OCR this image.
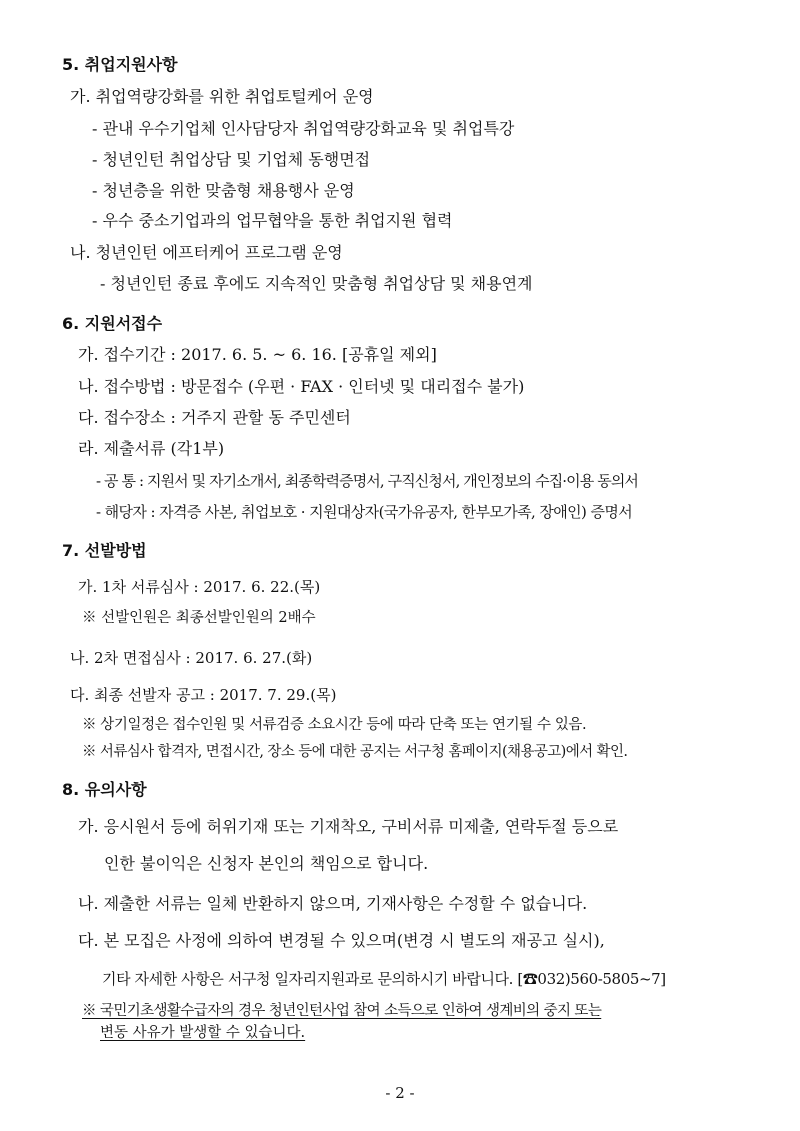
5. 취업지원사항
가. 취업역량강화를 위한 취업토털케어 운영
- 관내 우수기업체 인사담당자 취업역량강화교육 및 취업특강
- 청년인턴 취업상담 및 기업체 동행면접
- 청년층을 위한 맞춤형 채용행사 운영
- 우수 중소기업과의 업무협약을 통한 취업지원 협력
나. 청년인턴 에프터케어 프로그램 운영
- 청년인턴 종료 후에도 지속적인 맞춤형 취업상담 및 채용연계
6. 지원서접수
가. 접수기간 : 2017. 6. 5. ~ 6. 16. [공휴일 제외]
나. 접수방법 : 방문접수 (우편 · FAX · 인터넷 및 대리접수 불가)
다. 접수장소 : 거주지 관할 동 주민센터
라. 제출서류 (각1부)
- 공 통 : 지원서 및 자기소개서, 최종학력증명서, 구직신청서, 개인정보의 수집·이용 동의서
- 해당자 : 자격증 사본, 취업보호 · 지원대상자(국가유공자, 한부모가족, 장애인) 증명서
7. 선발방법
가. 1차 서류심사 : 2017. 6. 22.(목)
※ 선발인원은 최종선발인원의 2배수
나. 2차 면접심사 : 2017. 6. 27.(화)
다. 최종 선발자 공고 : 2017. 7. 29.(목)
※ 상기일정은 접수인원 및 서류검증 소요시간 등에 따라 단축 또는 연기될 수 있음.
※ 서류심사 합격자, 면접시간, 장소 등에 대한 공지는 서구청 홈페이지(채용공고)에서 확인.
8. 유의사항
가. 응시원서 등에 허위기재 또는 기재착오, 구비서류 미제출, 연락두절 등으로
인한 불이익은 신청자 본인의 책임으로 합니다.
나. 제출한 서류는 일체 반환하지 않으며, 기재사항은 수정할 수 없습니다.
다. 본 모집은 사정에 의하여 변경될 수 있으며(변경 시 별도의 재공고 실시),
기타 자세한 사항은 서구청 일자리지원과로 문의하시기 바랍니다. [☎032)560-5805~7]
※ 국민기초생활수급자의 경우 청년인턴사업 참여 소득으로 인하여 생계비의 중지 또는
변동 사유가 발생할 수 있습니다.
- 2 -
